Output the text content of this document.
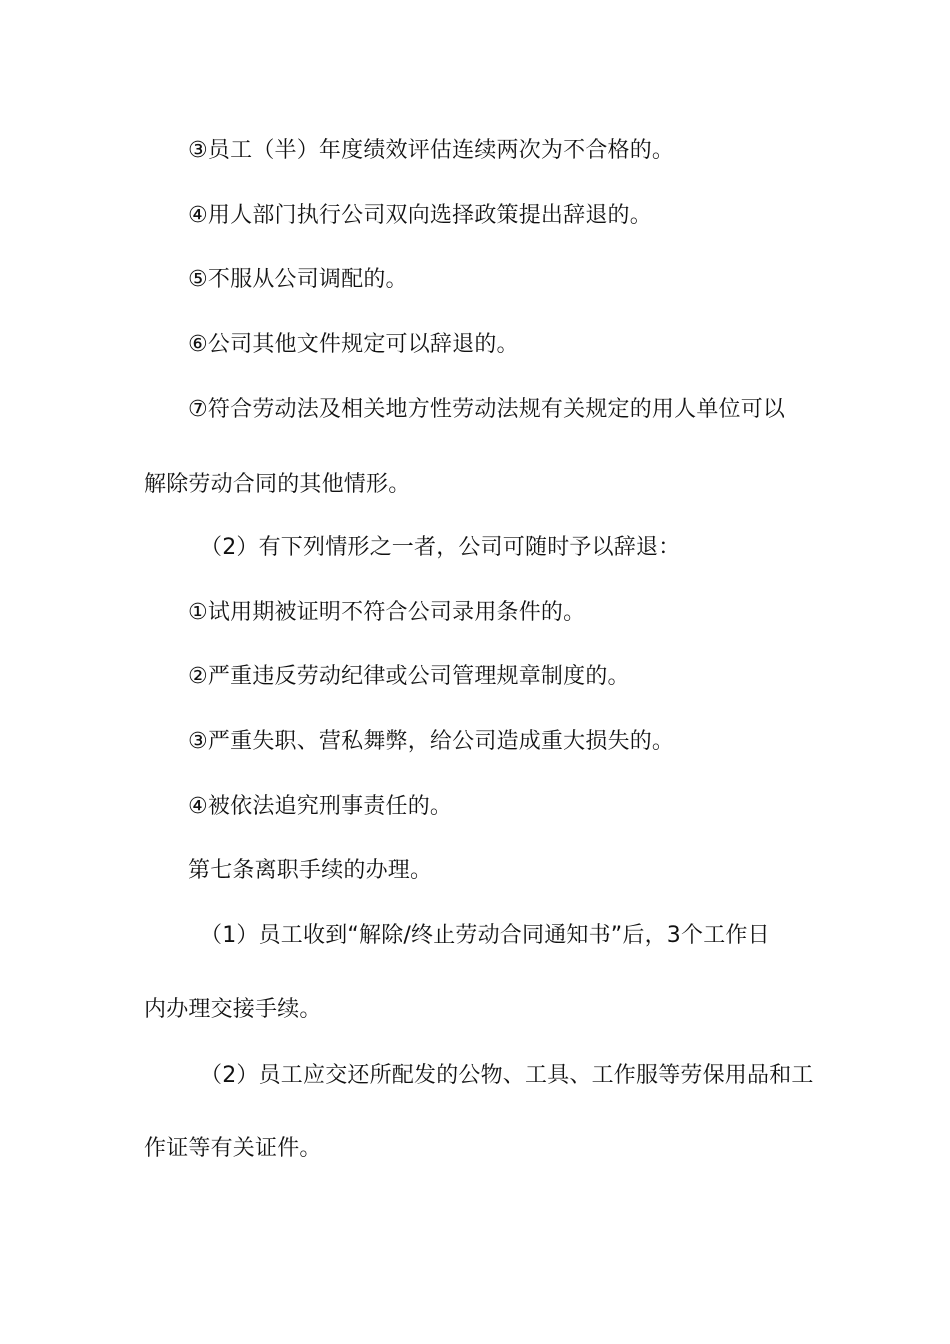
③员工（半）年度绩效评估连续两次为不合格的。

④用人部门执行公司双向选择政策提出辞退的。

⑤不服从公司调配的。

⑥公司其他文件规定可以辞退的。

⑦符合劳动法及相关地方性劳动法规有关规定的用人单位可以

解除劳动合同的其他情形。

（2）有下列情形之一者，公司可随时予以辞退：

①试用期被证明不符合公司录用条件的。

②严重违反劳动纪律或公司管理规章制度的。

③严重失职、营私舞弊，给公司造成重大损失的。

④被依法追究刑事责任的。

第七条离职手续的办理。

（1）员工收到“解除/终止劳动合同通知书”后，3个工作日

内办理交接手续。

（2）员工应交还所配发的公物、工具、工作服等劳保用品和工

作证等有关证件。
